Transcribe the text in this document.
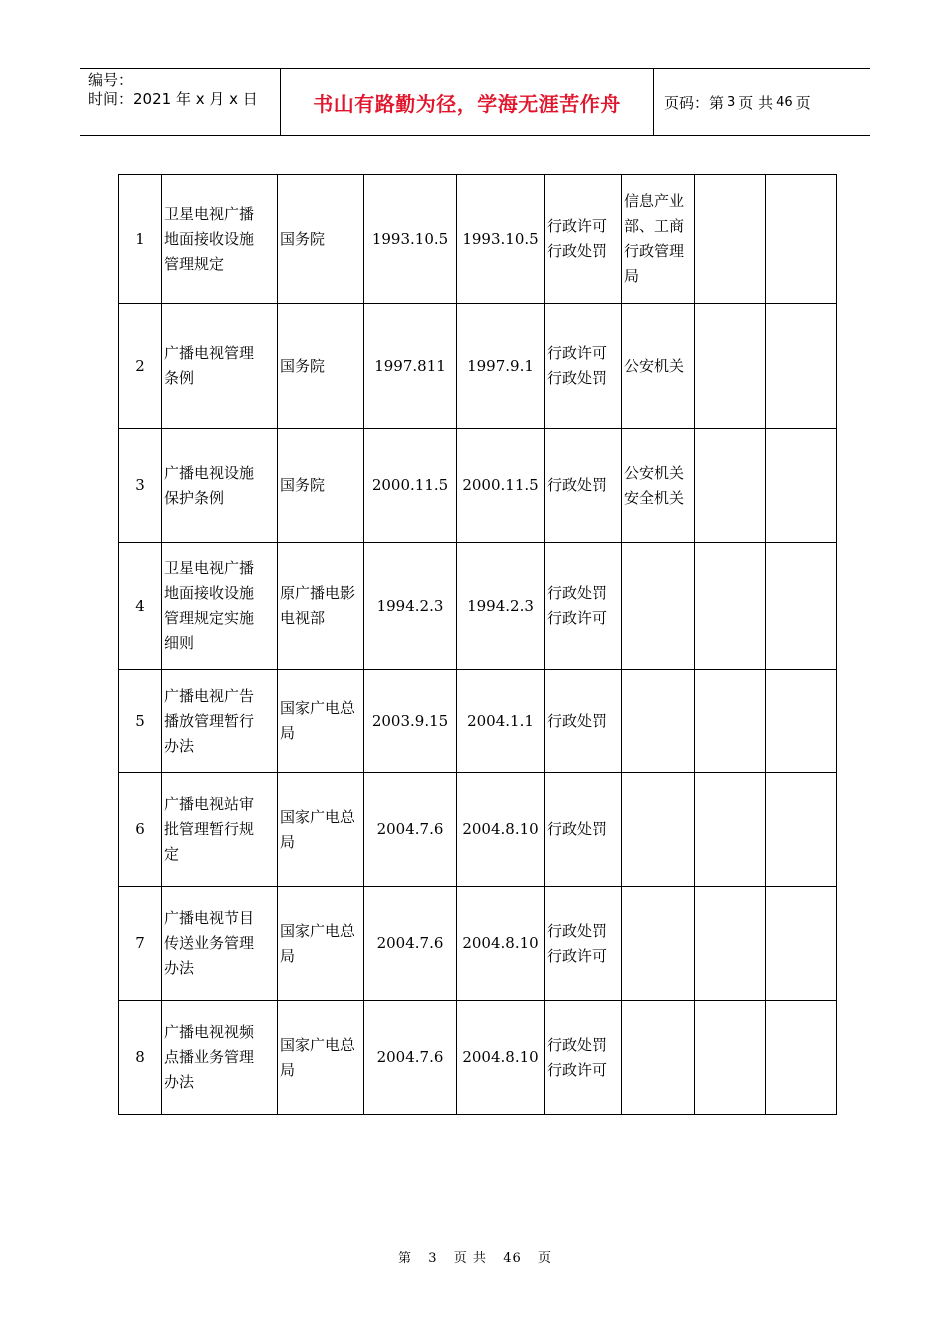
编号：
时间：2021 年 x 月 x 日	书山有路勤为径，学海无涯苦作舟	页码：第 3 页 共 46 页
1	卫星电视广播
地面接收设施
管理规定	国务院	1993.10.5	1993.10.5	行政许可
行政处罚	信息产业
部、工商
行政管理
局		

2	广播电视管理
条例	国务院	1997.811	1997.9.1	行政许可
行政处罚	公安机关		

3	广播电视设施
保护条例	国务院	2000.11.5	2000.11.5	行政处罚	公安机关
安全机关		

4	卫星电视广播
地面接收设施
管理规定实施
细则	原广播电影
电视部	1994.2.3	1994.2.3	行政处罚
行政许可			

5	广播电视广告
播放管理暂行
办法	国家广电总
局	2003.9.15	2004.1.1	行政处罚			

6	广播电视站审
批管理暂行规
定	国家广电总
局	2004.7.6	2004.8.10	行政处罚			

7	广播电视节目
传送业务管理
办法	国家广电总
局	2004.7.6	2004.8.10	行政处罚
行政许可			

8	广播电视视频
点播业务管理
办法	国家广电总
局	2004.7.6	2004.8.10	行政处罚
行政许可			

第 3 页 共 46 页
